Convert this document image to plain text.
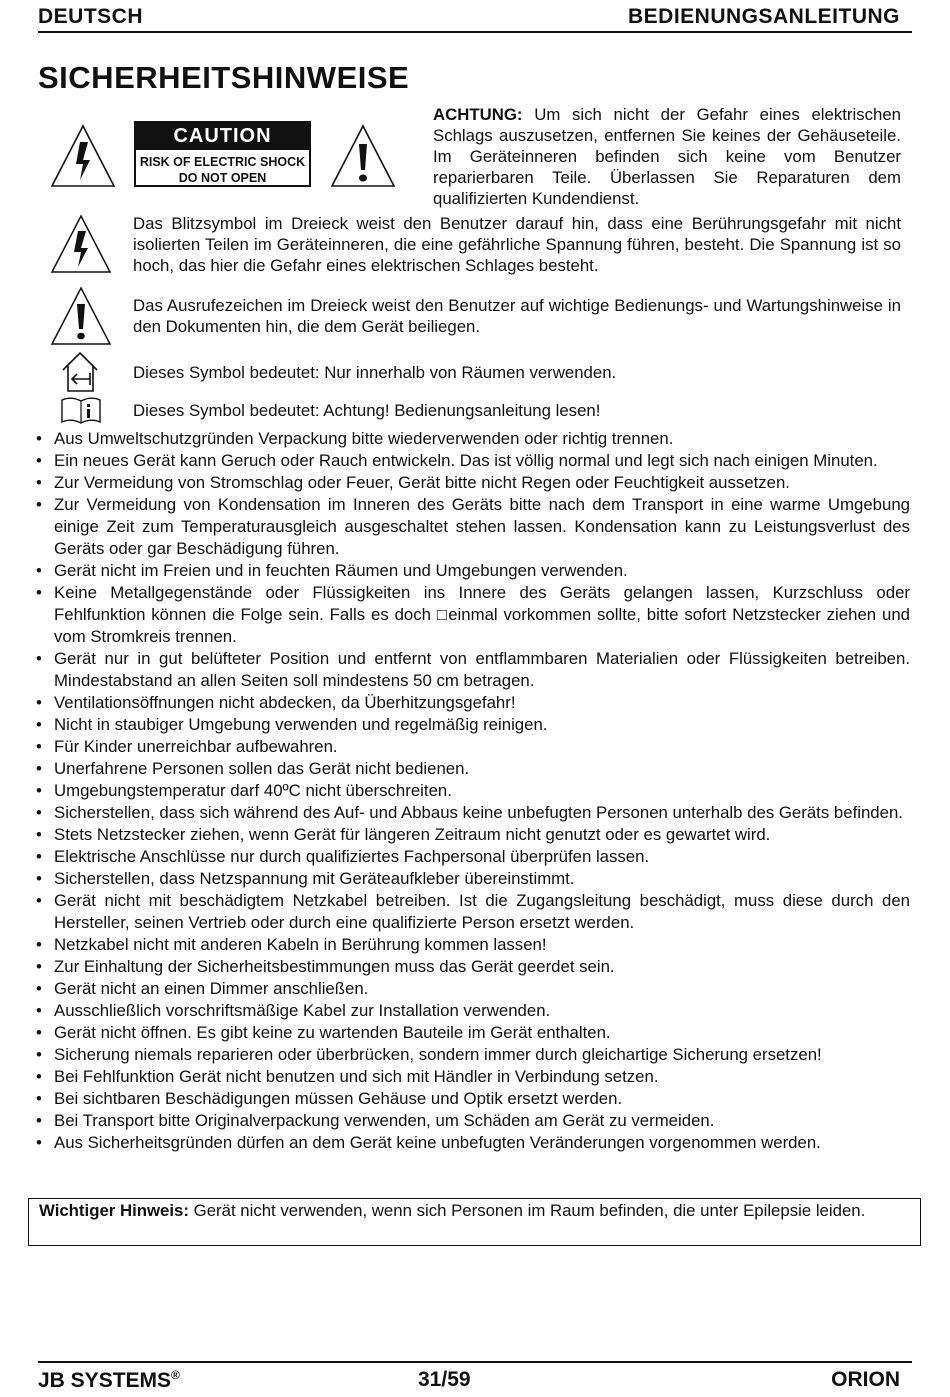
DEUTSCH	BEDIENUNGSANLEITUNG
SICHERHEITSHINWEISE
CAUTION
RISK OF ELECTRIC SHOCK
DO NOT OPEN
ACHTUNG: Um sich nicht der Gefahr eines elektrischen Schlags auszusetzen, entfernen Sie keines der Gehäuseteile. Im Geräteinneren befinden sich keine vom Benutzer reparierbaren Teile. Überlassen Sie Reparaturen dem qualifizierten Kundendienst.
Das Blitzsymbol im Dreieck weist den Benutzer darauf hin, dass eine Berührungsgefahr mit nicht isolierten Teilen im Geräteinneren, die eine gefährliche Spannung führen, besteht. Die Spannung ist so hoch, das hier die Gefahr eines elektrischen Schlages besteht.
Das Ausrufezeichen im Dreieck weist den Benutzer auf wichtige Bedienungs- und Wartungshinweise in den Dokumenten hin, die dem Gerät beiliegen.
Dieses Symbol bedeutet: Nur innerhalb von Räumen verwenden.
Dieses Symbol bedeutet: Achtung! Bedienungsanleitung lesen!
• Aus Umweltschutzgründen Verpackung bitte wiederverwenden oder richtig trennen.
• Ein neues Gerät kann Geruch oder Rauch entwickeln. Das ist völlig normal und legt sich nach einigen Minuten.
• Zur Vermeidung von Stromschlag oder Feuer, Gerät bitte nicht Regen oder Feuchtigkeit aussetzen.
• Zur Vermeidung von Kondensation im Inneren des Geräts bitte nach dem Transport in eine warme Umgebung einige Zeit zum Temperaturausgleich ausgeschaltet stehen lassen. Kondensation kann zu Leistungsverlust des Geräts oder gar Beschädigung führen.
• Gerät nicht im Freien und in feuchten Räumen und Umgebungen verwenden.
• Keine Metallgegenstände oder Flüssigkeiten ins Innere des Geräts gelangen lassen, Kurzschluss oder Fehlfunktion können die Folge sein. Falls es doch □einmal vorkommen sollte, bitte sofort Netzstecker ziehen und vom Stromkreis trennen.
• Gerät nur in gut belüfteter Position und entfernt von entflammbaren Materialien oder Flüssigkeiten betreiben. Mindestabstand an allen Seiten soll mindestens 50 cm betragen.
• Ventilationsöffnungen nicht abdecken, da Überhitzungsgefahr!
• Nicht in staubiger Umgebung verwenden und regelmäßig reinigen.
• Für Kinder unerreichbar aufbewahren.
• Unerfahrene Personen sollen das Gerät nicht bedienen.
• Umgebungstemperatur darf 40ºC nicht überschreiten.
• Sicherstellen, dass sich während des Auf- und Abbaus keine unbefugten Personen unterhalb des Geräts befinden.
• Stets Netzstecker ziehen, wenn Gerät für längeren Zeitraum nicht genutzt oder es gewartet wird.
• Elektrische Anschlüsse nur durch qualifiziertes Fachpersonal überprüfen lassen.
• Sicherstellen, dass Netzspannung mit Geräteaufkleber übereinstimmt.
• Gerät nicht mit beschädigtem Netzkabel betreiben. Ist die Zugangsleitung beschädigt, muss diese durch den Hersteller, seinen Vertrieb oder durch eine qualifizierte Person ersetzt werden.
• Netzkabel nicht mit anderen Kabeln in Berührung kommen lassen!
• Zur Einhaltung der Sicherheitsbestimmungen muss das Gerät geerdet sein.
• Gerät nicht an einen Dimmer anschließen.
• Ausschließlich vorschriftsmäßige Kabel zur Installation verwenden.
• Gerät nicht öffnen. Es gibt keine zu wartenden Bauteile im Gerät enthalten.
• Sicherung niemals reparieren oder überbrücken, sondern immer durch gleichartige Sicherung ersetzen!
• Bei Fehlfunktion Gerät nicht benutzen und sich mit Händler in Verbindung setzen.
• Bei sichtbaren Beschädigungen müssen Gehäuse und Optik ersetzt werden.
• Bei Transport bitte Originalverpackung verwenden, um Schäden am Gerät zu vermeiden.
• Aus Sicherheitsgründen dürfen an dem Gerät keine unbefugten Veränderungen vorgenommen werden.
Wichtiger Hinweis: Gerät nicht verwenden, wenn sich Personen im Raum befinden, die unter Epilepsie leiden.
JB SYSTEMS®	31/59	ORION
